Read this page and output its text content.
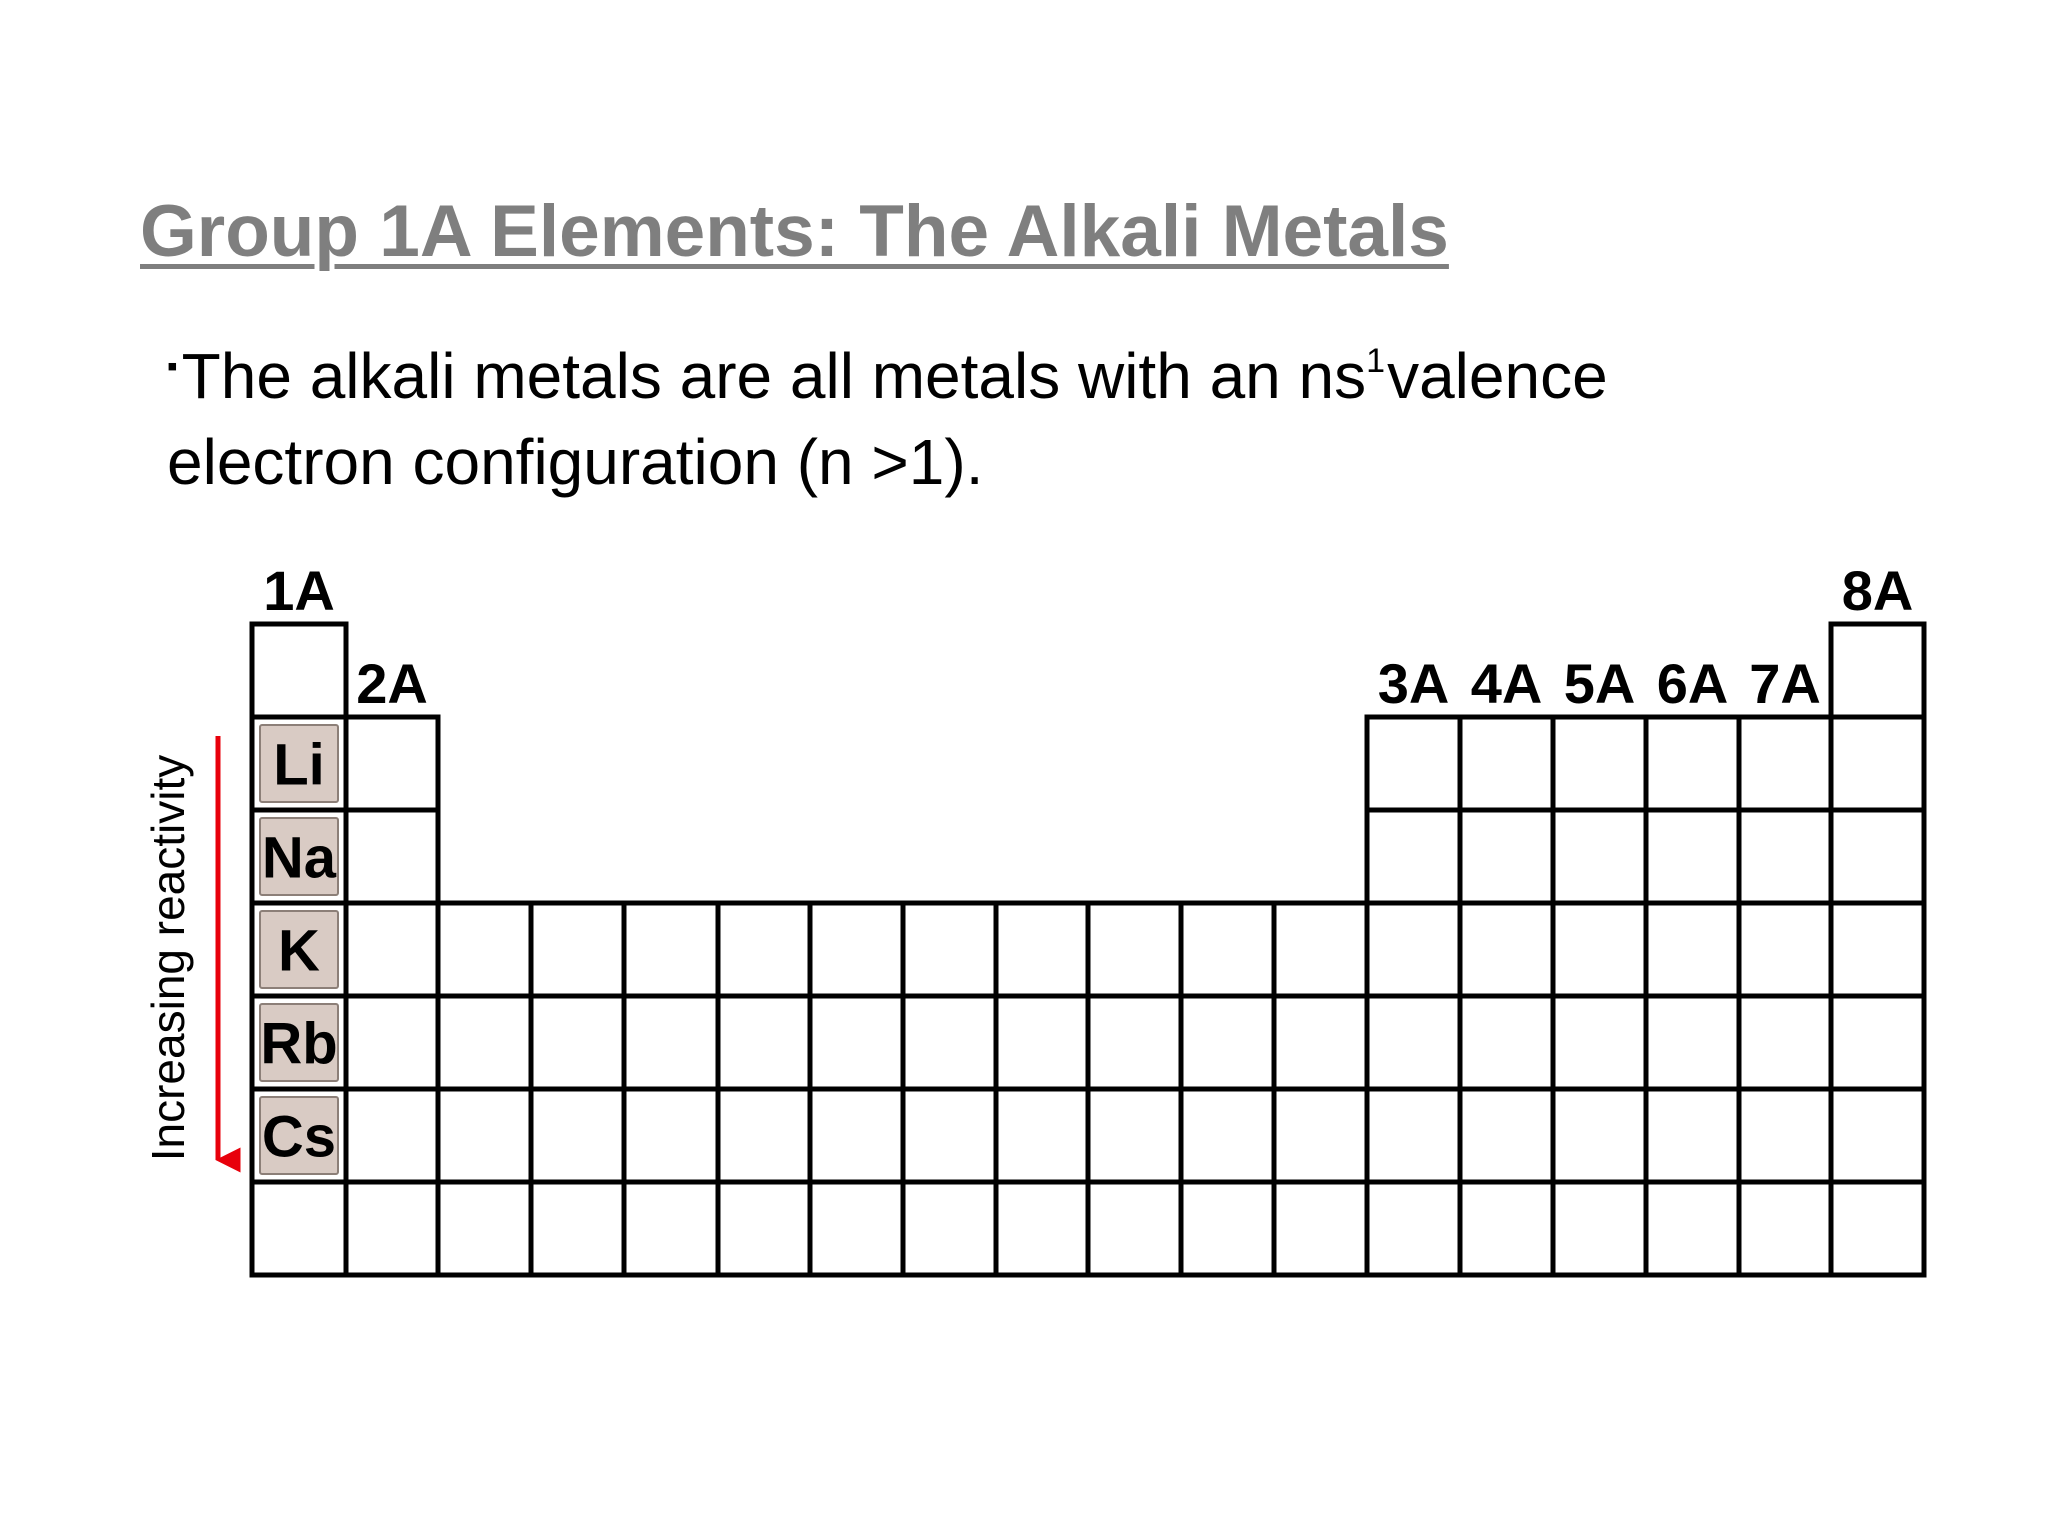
Group 1A Elements: The Alkali Metals
▪The alkali metals are all metals with an $ns^1valence$
electron configuration (n >1).
Li
Na
K
Rb
Cs
1A
2A	3A 4A 5A 6A 7A
8A
Increasing reactivity
